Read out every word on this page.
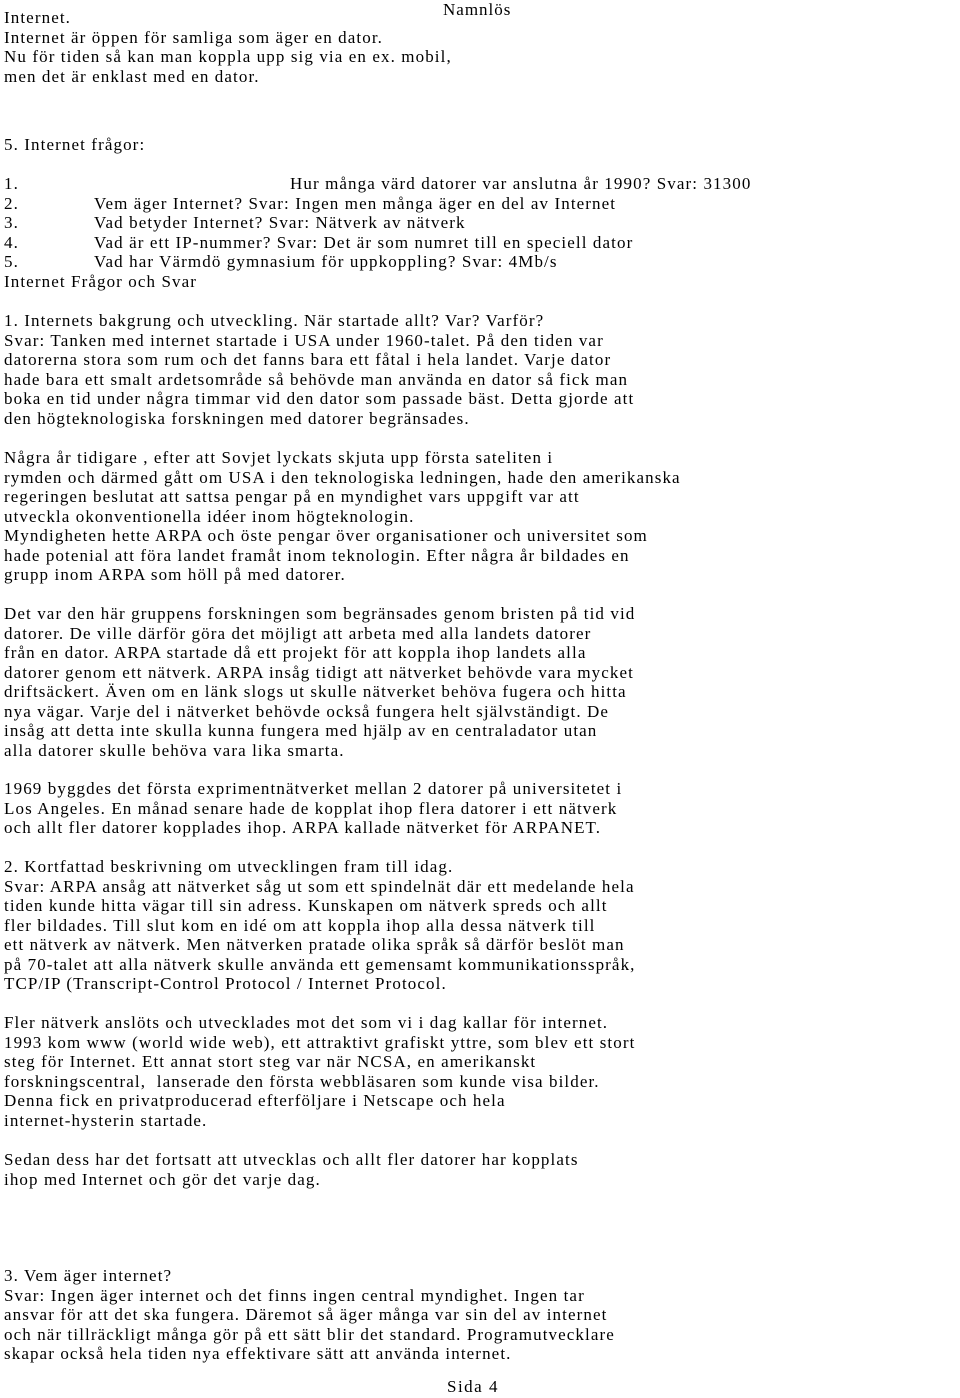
Namnlös
Internet.
Internet är öppen för samliga som äger en dator.
Nu för tiden så kan man koppla upp sig via en ex. mobil,
men det är enklast med en dator.
5. Internet frågor:
1.	Hur många värd datorer var anslutna år 1990? Svar: 31300
2.	Vem äger Internet? Svar: Ingen men många äger en del av Internet
3.	Vad betyder Internet? Svar: Nätverk av nätverk
4.	Vad är ett IP-nummer? Svar: Det är som numret till en speciell dator
5.	Vad har Värmdö gymnasium för uppkoppling? Svar: 4Mb/s
Internet Frågor och Svar
1. Internets bakgrung och utveckling. När startade allt? Var? Varför?
Svar: Tanken med internet startade i USA under 1960-talet. På den tiden var
datorerna stora som rum och det fanns bara ett fåtal i hela landet. Varje dator
hade bara ett smalt ardetsområde så behövde man använda en dator så fick man
boka en tid under några timmar vid den dator som passade bäst. Detta gjorde att
den högteknologiska forskningen med datorer begränsades.
Några år tidigare , efter att Sovjet lyckats skjuta upp första sateliten i
rymden och därmed gått om USA i den teknologiska ledningen, hade den amerikanska
regeringen beslutat att sattsa pengar på en myndighet vars uppgift var att
utveckla okonventionella idéer inom högteknologin.
Myndigheten hette ARPA och öste pengar över organisationer och universitet som
hade potenial att föra landet framåt inom teknologin. Efter några år bildades en
grupp inom ARPA som höll på med datorer.
Det var den här gruppens forskningen som begränsades genom bristen på tid vid
datorer. De ville därför göra det möjligt att arbeta med alla landets datorer
från en dator. ARPA startade då ett projekt för att koppla ihop landets alla
datorer genom ett nätverk. ARPA insåg tidigt att nätverket behövde vara mycket
driftsäckert. Även om en länk slogs ut skulle nätverket behöva fugera och hitta
nya vägar. Varje del i nätverket behövde också fungera helt självständigt. De
insåg att detta inte skulla kunna fungera med hjälp av en centraladator utan
alla datorer skulle behöva vara lika smarta.
1969 byggdes det första exprimentnätverket mellan 2 datorer på universitetet i
Los Angeles. En månad senare hade de kopplat ihop flera datorer i ett nätverk
och allt fler datorer kopplades ihop. ARPA kallade nätverket för ARPANET.
2. Kortfattad beskrivning om utvecklingen fram till idag.
Svar: ARPA ansåg att nätverket såg ut som ett spindelnät där ett medelande hela
tiden kunde hitta vägar till sin adress. Kunskapen om nätverk spreds och allt
fler bildades. Till slut kom en idé om att koppla ihop alla dessa nätverk till
ett nätverk av nätverk. Men nätverken pratade olika språk så därför beslöt man
på 70-talet att alla nätverk skulle använda ett gemensamt kommunikationsspråk,
TCP/IP (Transcript-Control Protocol / Internet Protocol.
Fler nätverk anslöts och utvecklades mot det som vi i dag kallar för internet.
1993 kom www (world wide web), ett attraktivt grafiskt yttre, som blev ett stort
steg för Internet. Ett annat stort steg var när NCSA, en amerikanskt
forskningscentral,  lanserade den första webbläsaren som kunde visa bilder.
Denna fick en privatproducerad efterföljare i Netscape och hela
internet-hysterin startade.
Sedan dess har det fortsatt att utvecklas och allt fler datorer har kopplats
ihop med Internet och gör det varje dag.
3. Vem äger internet?
Svar: Ingen äger internet och det finns ingen central myndighet. Ingen tar
ansvar för att det ska fungera. Däremot så äger många var sin del av internet
och när tillräckligt många gör på ett sätt blir det standard. Programutvecklare
skapar också hela tiden nya effektivare sätt att använda internet.
Sida 4
